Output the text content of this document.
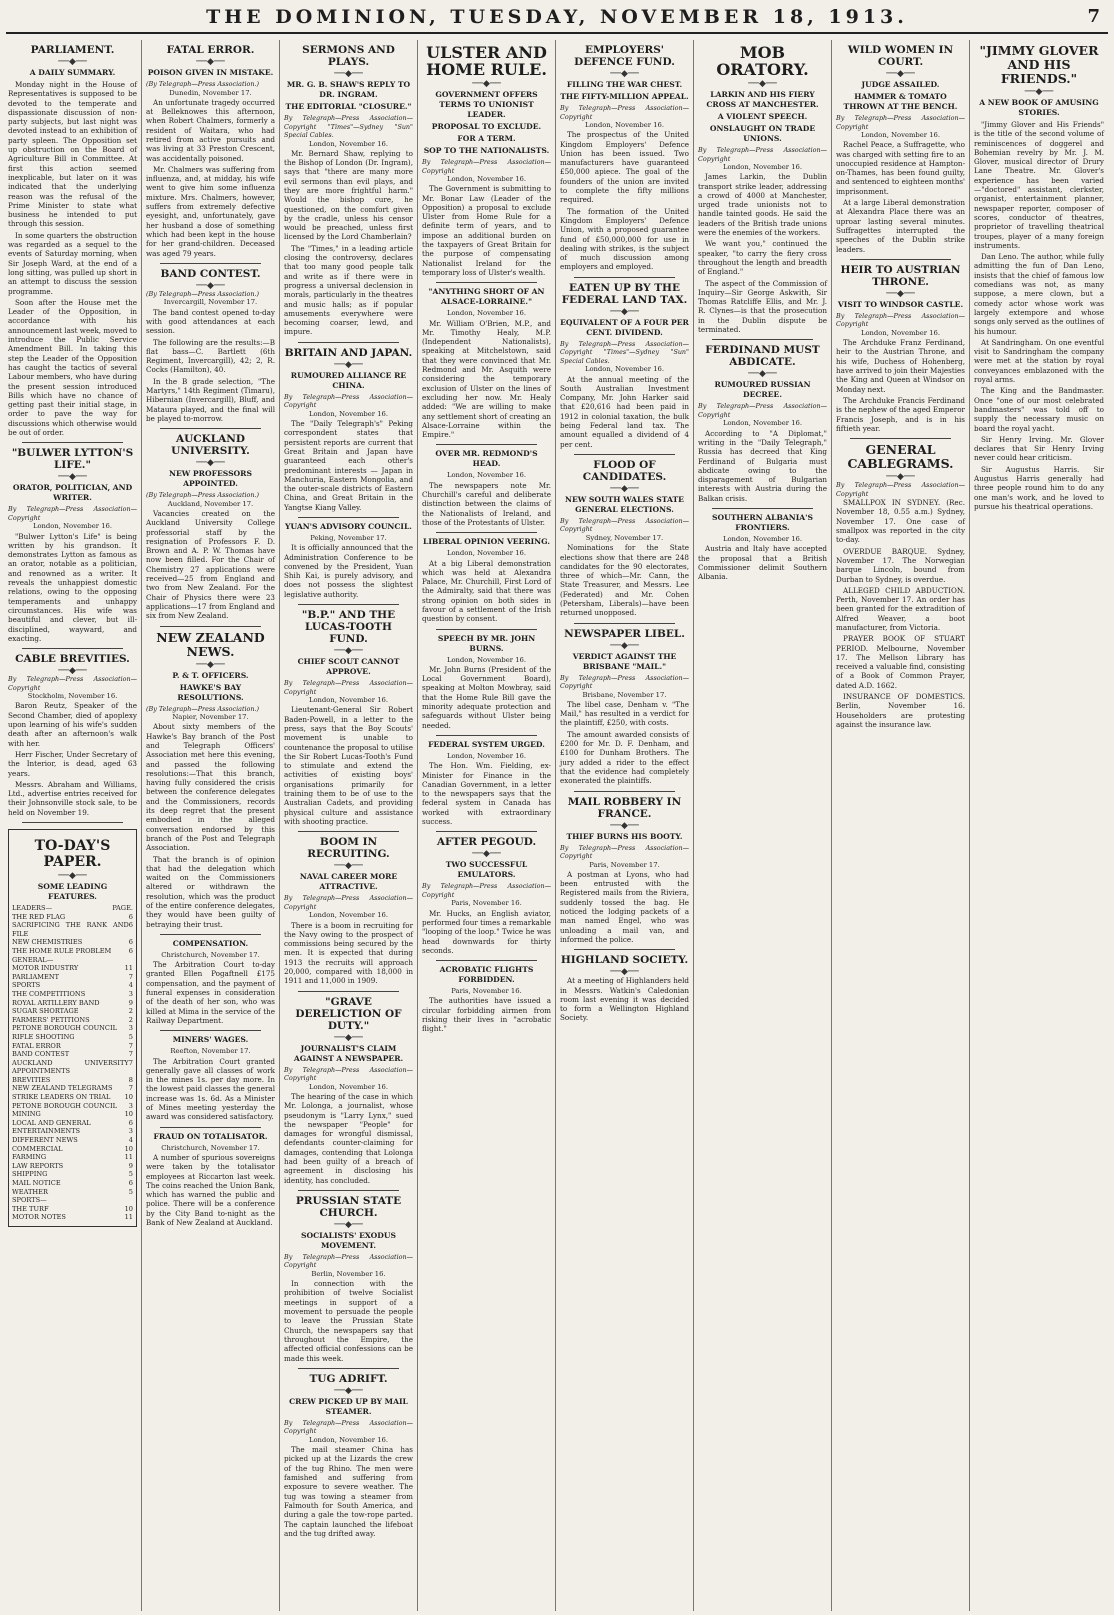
THE DOMINION, TUESDAY, NOVEMBER 18, 1913.	7
PARLIAMENT.
──◆──
A DAILY SUMMARY.

Monday night in the House of Representatives is supposed to be devoted to the temperate and dispassionate discussion of non-party subjects, but last night was devoted instead to an exhibition of party spleen. The Opposition set up obstruction on the Board of Agriculture Bill in Committee. At first this action seemed inexplicable, but later on it was indicated that the underlying reason was the refusal of the Prime Minister to state what business he intended to put through this session.

In some quarters the obstruction was regarded as a sequel to the events of Saturday morning, when Sir Joseph Ward, at the end of a long sitting, was pulled up short in an attempt to discuss the session programme.

Soon after the House met the Leader of the Opposition, in accordance with his announcement last week, moved to introduce the Public Service Amendment Bill. In taking this step the Leader of the Opposition has caught the tactics of several Labour members, who have during the present session introduced Bills which have no chance of getting past their initial stage, in order to pave the way for discussions which otherwise would be out of order.

"BULWER LYTTON'S LIFE."
──◆──
ORATOR, POLITICIAN, AND WRITER.
By Telegraph—Press Association—Copyright
London, November 16.

"Bulwer Lytton's Life" is being written by his grandson. It demonstrates Lytton as famous as an orator, notable as a politician, and renowned as a writer. It reveals the unhappiest domestic relations, owing to the opposing temperaments and unhappy circumstances. His wife was beautiful and clever, but ill-disciplined, wayward, and exacting.

CABLE BREVITIES.
──◆──
By Telegraph—Press Association—Copyright
Stockholm, November 16.

Baron Reutz, Speaker of the Second Chamber, died of apoplexy upon learning of his wife's sudden death after an afternoon's walk with her.

Herr Fischer, Under Secretary of the Interior, is dead, aged 63 years.

Messrs. Abraham and Williams, Ltd., advertise entries received for their Johnsonville stock sale, to be held on November 19.

TO-DAY'S PAPER.
──◆──
SOME LEADING FEATURES.
LEADERS—	PAGE.
THE RED FLAG	6
SACRIFICING THE RANK AND FILE
6
NEW CHEMISTRIES	6
THE HOME RULE PROBLEM	6
GENERAL—
MOTOR INDUSTRY	11
PARLIAMENT	7
SPORTS	4
THE COMPETITIONS	3
ROYAL ARTILLERY BAND	9
SUGAR SHORTAGE	2
FARMERS' PETITIONS	2
PETONE BOROUGH COUNCIL 3
RIFLE SHOOTING	5
FATAL ERROR	7
BAND CONTEST	7
AUCKLAND UNIVERSITY APPOINTMENTS
7
BREVITIES	8
NEW ZEALAND TELEGRAMS 7
STRIKE LEADERS ON TRIAL 10
PETONE BOROUGH COUNCIL 3
MINING	10
LOCAL AND GENERAL	6
ENTERTAINMENTS	3
DIFFERENT NEWS	4
COMMERCIAL	10
FARMING	11
LAW REPORTS	9
SHIPPING	5
MAIL NOTICE	6
WEATHER	5
SPORTS—
THE TURF	10
MOTOR NOTES	11
FATAL ERROR.
──◆──
POISON GIVEN IN MISTAKE.
(By Telegraph—Press Association.)
Dunedin, November 17.

An unfortunate tragedy occurred at Belleknowes this afternoon, when Robert Chalmers, formerly a resident of Waitara, who had retired from active pursuits and was living at 33 Preston Crescent, was accidentally poisoned.

Mr. Chalmers was suffering from influenza, and, at midday, his wife went to give him some influenza mixture. Mrs. Chalmers, however, suffers from extremely defective eyesight, and, unfortunately, gave her husband a dose of something which had been kept in the house for her grand-children. Deceased was aged 79 years.

BAND CONTEST.
──◆──
(By Telegraph—Press Association.)
Invercargill, November 17.

The band contest opened to-day with good attendances at each session.

The following are the results:—B flat bass—C. Bartlett (6th Regiment, Invercargill), 42; 2, R. Cocks (Hamilton), 40.

In the B grade selection, "The Martyrs," 14th Regiment (Timaru), Hibernian (Invercargill), Bluff, and Mataura played, and the final will be played to-morrow.

AUCKLAND UNIVERSITY.
──◆──
NEW PROFESSORS APPOINTED.
(By Telegraph—Press Association.)
Auckland, November 17.

Vacancies created on the Auckland University College professorial staff by the resignation of Professors F. D. Brown and A. P. W. Thomas have now been filled. For the Chair of Chemistry 27 applications were received—25 from England and two from New Zealand. For the Chair of Physics there were 23 applications—17 from England and six from New Zealand.

NEW ZEALAND NEWS.
──◆──
P. & T. OFFICERS.
HAWKE'S BAY RESOLUTIONS.
(By Telegraph—Press Association.)
Napier, November 17.

About sixty members of the Hawke's Bay branch of the Post and Telegraph Officers' Association met here this evening, and passed the following resolutions:—That this branch, having fully considered the crisis between the conference delegates and the Commissioners, records its deep regret that the present embodied in the alleged conversation endorsed by this branch of the Post and Telegraph Association.

That the branch is of opinion that had the delegation which waited on the Commissioners altered or withdrawn the resolution, which was the product of the entire conference delegates, they would have been guilty of betraying their trust.

COMPENSATION.
Christchurch, November 17.

The Arbitration Court to-day granted Ellen Pogaftnell £175 compensation, and the payment of funeral expenses in consideration of the death of her son, who was killed at Mima in the service of the Railway Department.

MINERS' WAGES.
Reefton, November 17.

The Arbitration Court granted generally gave all classes of work in the mines 1s. per day more. In the lowest paid classes the general increase was 1s. 6d. As a Minister of Mines meeting yesterday the award was considered satisfactory.

FRAUD ON TOTALISATOR.
Christchurch, November 17.

A number of spurious sovereigns were taken by the totalisator employees at Riccarton last week. The coins reached the Union Bank, which has warned the public and police. There will be a conference by the City Band to-night as the Bank of New Zealand at Auckland.

SERMONS AND PLAYS.
──◆──
MR. G. B. SHAW'S REPLY TO DR. INGRAM.
THE EDITORIAL "CLOSURE."
By Telegraph—Press Association—Copyright "Times"—Sydney "Sun" Special Cables.
London, November 16.

Mr. Bernard Shaw, replying to the Bishop of London (Dr. Ingram), says that "there are many more evil sermons than evil plays, and they are more frightful harm." Would the bishop cure, he questioned, on the comfort given by the cradle, unless his censor would be preached, unless first licensed by the Lord Chamberlain?

The "Times," in a leading article closing the controversy, declares that too many good people talk and write as if there were in progress a universal declension in morals, particularly in the theatres and music halls; as if popular amusements everywhere were becoming coarser, lewd, and impure.

BRITAIN AND JAPAN.
──◆──
RUMOURED ALLIANCE RE CHINA.
By Telegraph—Press Association—Copyright
London, November 16.

The "Daily Telegraph's" Peking correspondent states that persistent reports are current that Great Britain and Japan have guaranteed each other's predominant interests — Japan in Manchuria, Eastern Mongolia, and the outer-scale districts of Eastern China, and Great Britain in the Yangtse Kiang Valley.

YUAN'S ADVISORY COUNCIL.
Peking, November 17.

It is officially announced that the Administration Conference to be convened by the President, Yuan Shih Kai, is purely advisory, and does not possess the slightest legislative authority.

"B.P." AND THE LUCAS-TOOTH FUND.
──◆──
CHIEF SCOUT CANNOT APPROVE.
By Telegraph—Press Association—Copyright
London, November 16.

Lieutenant-General Sir Robert Baden-Powell, in a letter to the press, says that the Boy Scouts' movement is unable to countenance the proposal to utilise the Sir Robert Lucas-Tooth's Fund to stimulate and extend the activities of existing boys' organisations primarily for training them to be of use to the Australian Cadets, and providing physical culture and assistance with shooting practice.

BOOM IN RECRUITING.
──◆──
NAVAL CAREER MORE ATTRACTIVE.
By Telegraph—Press Association—Copyright
London, November 16.

There is a boom in recruiting for the Navy owing to the prospect of commissions being secured by the men. It is expected that during 1913 the recruits will approach 20,000, compared with 18,000 in 1911 and 11,000 in 1909.

"GRAVE DERELICTION OF DUTY."
──◆──
JOURNALIST'S CLAIM AGAINST A NEWSPAPER.
By Telegraph—Press Association—Copyright
London, November 16.

The hearing of the case in which Mr. Lolonga, a journalist, whose pseudonym is "Larry Lynx," sued the newspaper "People" for damages for wrongful dismissal, defendants counter-claiming for damages, contending that Lolonga had been guilty of a breach of agreement in disclosing his identity, has concluded.

PRUSSIAN STATE CHURCH.
──◆──
SOCIALISTS' EXODUS MOVEMENT.
By Telegraph—Press Association—Copyright
Berlin, November 16.

In connection with the prohibition of twelve Socialist meetings in support of a movement to persuade the people to leave the Prussian State Church, the newspapers say that throughout the Empire, the affected official confessions can be made this week.

TUG ADRIFT.
──◆──
CREW PICKED UP BY MAIL STEAMER.
By Telegraph—Press Association—Copyright
London, November 16.

The mail steamer China has picked up at the Lizards the crew of the tug Rhino. The men were famished and suffering from exposure to severe weather. The tug was towing a steamer from Falmouth for South America, and during a gale the tow-rope parted. The captain launched the lifeboat and the tug drifted away.

ULSTER AND HOME RULE.
──◆──
GOVERNMENT OFFERS TERMS TO UNIONIST LEADER.
PROPOSAL TO EXCLUDE.
FOR A TERM.
SOP TO THE NATIONALISTS.
By Telegraph—Press Association—Copyright
London, November 16.

The Government is submitting to Mr. Bonar Law (Leader of the Opposition) a proposal to exclude Ulster from Home Rule for a definite term of years, and to impose an additional burden on the taxpayers of Great Britain for the purpose of compensating Nationalist Ireland for the temporary loss of Ulster's wealth.

"ANYTHING SHORT OF AN ALSACE-LORRAINE."
London, November 16.

Mr. William O'Brien, M.P., and Mr. Timothy Healy, M.P. (Independent Nationalists), speaking at Mitchelstown, said that they were convinced that Mr. Redmond and Mr. Asquith were considering the temporary exclusion of Ulster on the lines of excluding her now. Mr. Healy added: "We are willing to make any settlement short of creating an Alsace-Lorraine within the Empire."

OVER MR. REDMOND'S HEAD.
London, November 16.

The newspapers note Mr. Churchill's careful and deliberate distinction between the claims of the Nationalists of Ireland, and those of the Protestants of Ulster.

LIBERAL OPINION VEERING.
London, November 16.

At a big Liberal demonstration which was held at Alexandra Palace, Mr. Churchill, First Lord of the Admiralty, said that there was strong opinion on both sides in favour of a settlement of the Irish question by consent.

SPEECH BY MR. JOHN BURNS.
London, November 16.

Mr. John Burns (President of the Local Government Board), speaking at Molton Mowbray, said that the Home Rule Bill gave the minority adequate protection and safeguards without Ulster being needed.

FEDERAL SYSTEM URGED.
London, November 16.

The Hon. Wm. Fielding, ex-Minister for Finance in the Canadian Government, in a letter to the newspapers says that the federal system in Canada has worked with extraordinary success.

AFTER PEGOUD.
──◆──
TWO SUCCESSFUL EMULATORS.
By Telegraph—Press Association—Copyright
Paris, November 16.

Mr. Hucks, an English aviator, performed four times a remarkable "looping of the loop." Twice he was head downwards for thirty seconds.

ACROBATIC FLIGHTS FORBIDDEN.
Paris, November 16.

The authorities have issued a circular forbidding airmen from risking their lives in "acrobatic flight."

EMPLOYERS' DEFENCE FUND.
──◆──
FILLING THE WAR CHEST.
THE FIFTY-MILLION APPEAL.
By Telegraph—Press Association—Copyright
London, November 16.

The prospectus of the United Kingdom Employers' Defence Union has been issued. Two manufacturers have guaranteed £50,000 apiece. The goal of the founders of the union are invited to complete the fifty millions required.

The formation of the United Kingdom Employers' Defence Union, with a proposed guarantee fund of £50,000,000 for use in dealing with strikes, is the subject of much discussion among employers and employed.

EATEN UP BY THE FEDERAL LAND TAX.
──◆──
EQUIVALENT OF A FOUR PER CENT. DIVIDEND.
By Telegraph—Press Association—Copyright "Times"—Sydney "Sun" Special Cables.
London, November 16.

At the annual meeting of the South Australian Investment Company, Mr. John Harker said that £20,616 had been paid in 1912 in colonial taxation, the bulk being Federal land tax. The amount equalled a dividend of 4 per cent.

FLOOD OF CANDIDATES.
──◆──
NEW SOUTH WALES STATE GENERAL ELECTIONS.
By Telegraph—Press Association—Copyright
Sydney, November 17.

Nominations for the State elections show that there are 248 candidates for the 90 electorates, three of which—Mr. Cann, the State Treasurer, and Messrs. Lee (Federated) and Mr. Cohen (Petersham, Liberals)—have been returned unopposed.

NEWSPAPER LIBEL.
──◆──
VERDICT AGAINST THE BRISBANE "MAIL."
By Telegraph—Press Association—Copyright
Brisbane, November 17.

The libel case, Denham v. "The Mail," has resulted in a verdict for the plaintiff, £250, with costs.

The amount awarded consists of £200 for Mr. D. F. Denham, and £100 for Dunham Brothers. The jury added a rider to the effect that the evidence had completely exonerated the plaintiffs.

MAIL ROBBERY IN FRANCE.
──◆──
THIEF BURNS HIS BOOTY.
By Telegraph—Press Association—Copyright
Paris, November 17.

A postman at Lyons, who had been entrusted with the Registered mails from the Riviera, suddenly tossed the bag. He noticed the lodging packets of a man named Engel, who was unloading a mail van, and informed the police.

HIGHLAND SOCIETY.
──◆──

At a meeting of Highlanders held in Messrs. Watkin's Caledonian room last evening it was decided to form a Wellington Highland Society.

MOB ORATORY.
──◆──
LARKIN AND HIS FIERY CROSS AT MANCHESTER.
A VIOLENT SPEECH.
ONSLAUGHT ON TRADE UNIONS.
By Telegraph—Press Association—Copyright
London, November 16.

James Larkin, the Dublin transport strike leader, addressing a crowd of 4000 at Manchester, urged trade unionists not to handle tainted goods. He said the leaders of the British trade unions were the enemies of the workers.

We want you," continued the speaker, "to carry the fiery cross throughout the length and breadth of England."

The aspect of the Commission of Inquiry—Sir George Askwith, Sir Thomas Ratcliffe Ellis, and Mr. J. R. Clynes—is that the prosecution in the Dublin dispute be terminated.

FERDINAND MUST ABDICATE.
──◆──
RUMOURED RUSSIAN DECREE.
By Telegraph—Press Association—Copyright
London, November 16.

According to "A Diplomat," writing in the "Daily Telegraph," Russia has decreed that King Ferdinand of Bulgaria must abdicate owing to the disparagement of Bulgarian interests with Austria during the Balkan crisis.

SOUTHERN ALBANIA'S FRONTIERS.
London, November 16.

Austria and Italy have accepted the proposal that a British Commissioner delimit Southern Albania.

WILD WOMEN IN COURT.
──◆──
JUDGE ASSAILED.
HAMMER & TOMATO THROWN AT THE BENCH.
By Telegraph—Press Association—Copyright
London, November 16.

Rachel Peace, a Suffragette, who was charged with setting fire to an unoccupied residence at Hampton-on-Thames, has been found guilty, and sentenced to eighteen months' imprisonment.

At a large Liberal demonstration at Alexandra Place there was an uproar lasting several minutes. Suffragettes interrupted the speeches of the Dublin strike leaders.

HEIR TO AUSTRIAN THRONE.
──◆──
VISIT TO WINDSOR CASTLE.
By Telegraph—Press Association—Copyright
London, November 16.

The Archduke Franz Ferdinand, heir to the Austrian Throne, and his wife, Duchess of Hohenberg, have arrived to join their Majesties the King and Queen at Windsor on Monday next.

The Archduke Francis Ferdinand is the nephew of the aged Emperor Francis Joseph, and is in his fiftieth year.

GENERAL CABLEGRAMS.
──◆──
By Telegraph—Press Association—Copyright

SMALLPOX IN SYDNEY. (Rec. November 18, 0.55 a.m.) Sydney, November 17. One case of smallpox was reported in the city to-day.

OVERDUE BARQUE. Sydney, November 17. The Norwegian barque Lincoln, bound from Durban to Sydney, is overdue.

ALLEGED CHILD ABDUCTION. Perth, November 17. An order has been granted for the extradition of Alfred Weaver, a boot manufacturer, from Victoria.

PRAYER BOOK OF STUART PERIOD. Melbourne, November 17. The Mellson Library has received a valuable find, consisting of a Book of Common Prayer, dated A.D. 1662.

INSURANCE OF DOMESTICS. Berlin, November 16. Householders are protesting against the insurance law.

"JIMMY GLOVER AND HIS FRIENDS."
──◆──
A NEW BOOK OF AMUSING STORIES.

"Jimmy Glover and His Friends" is the title of the second volume of reminiscences of doggerel and Bohemian revelry by Mr. J. M. Glover, musical director of Drury Lane Theatre. Mr. Glover's experience has been varied—"doctored" assistant, clerkster, organist, entertainment planner, newspaper reporter, composer of scores, conductor of theatres, proprietor of travelling theatrical troupes, player of a many foreign instruments.

Dan Leno. The author, while fully admitting the fun of Dan Leno, insists that the chief of famous low comedians was not, as many suppose, a mere clown, but a comedy actor whose work was largely extempore and whose songs only served as the outlines of his humour.

At Sandringham. On one eventful visit to Sandringham the company were met at the station by royal conveyances emblazoned with the royal arms.

The King and the Bandmaster. Once "one of our most celebrated bandmasters" was told off to supply the necessary music on board the royal yacht.

Sir Henry Irving. Mr. Glover declares that Sir Henry Irving never could hear criticism.

Sir Augustus Harris. Sir Augustus Harris generally had three people round him to do any one man's work, and he loved to pursue his theatrical operations.
